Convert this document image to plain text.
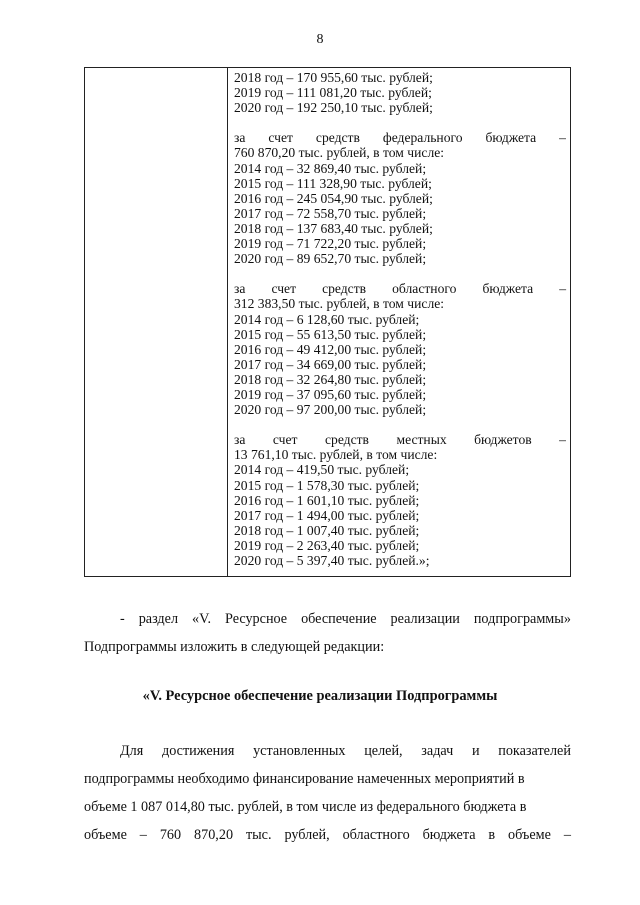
8
2018 год – 170 955,60 тыс. рублей;
2019 год – 111 081,20 тыс. рублей;
2020 год – 192 250,10 тыс. рублей;
за счет средств федерального бюджета –
760 870,20 тыс. рублей, в том числе:
2014 год – 32 869,40 тыс. рублей;
2015 год – 111 328,90 тыс. рублей;
2016 год – 245 054,90 тыс. рублей;
2017 год – 72 558,70 тыс. рублей;
2018 год – 137 683,40 тыс. рублей;
2019 год – 71 722,20 тыс. рублей;
2020 год – 89 652,70 тыс. рублей;
за счет средств областного бюджета –
312 383,50 тыс. рублей, в том числе:
2014 год – 6 128,60 тыс. рублей;
2015 год – 55 613,50 тыс. рублей;
2016 год – 49 412,00 тыс. рублей;
2017 год – 34 669,00 тыс. рублей;
2018 год – 32 264,80 тыс. рублей;
2019 год – 37 095,60 тыс. рублей;
2020 год – 97 200,00 тыс. рублей;
за счет средств местных бюджетов –
13 761,10 тыс. рублей, в том числе:
2014 год – 419,50 тыс. рублей;
2015 год – 1 578,30 тыс. рублей;
2016 год – 1 601,10 тыс. рублей;
2017 год – 1 494,00 тыс. рублей;
2018 год – 1 007,40 тыс. рублей;
2019 год – 2 263,40 тыс. рублей;
2020 год – 5 397,40 тыс. рублей.»;
- раздел «V. Ресурсное обеспечение реализации подпрограммы»
Подпрограммы изложить в следующей редакции:
«V. Ресурсное обеспечение реализации Подпрограммы
Для достижения установленных целей, задач и показателей
подпрограммы необходимо финансирование намеченных мероприятий в
объеме 1 087 014,80 тыс. рублей, в том числе из федерального бюджета в
объеме – 760 870,20 тыс. рублей, областного бюджета в объеме –
